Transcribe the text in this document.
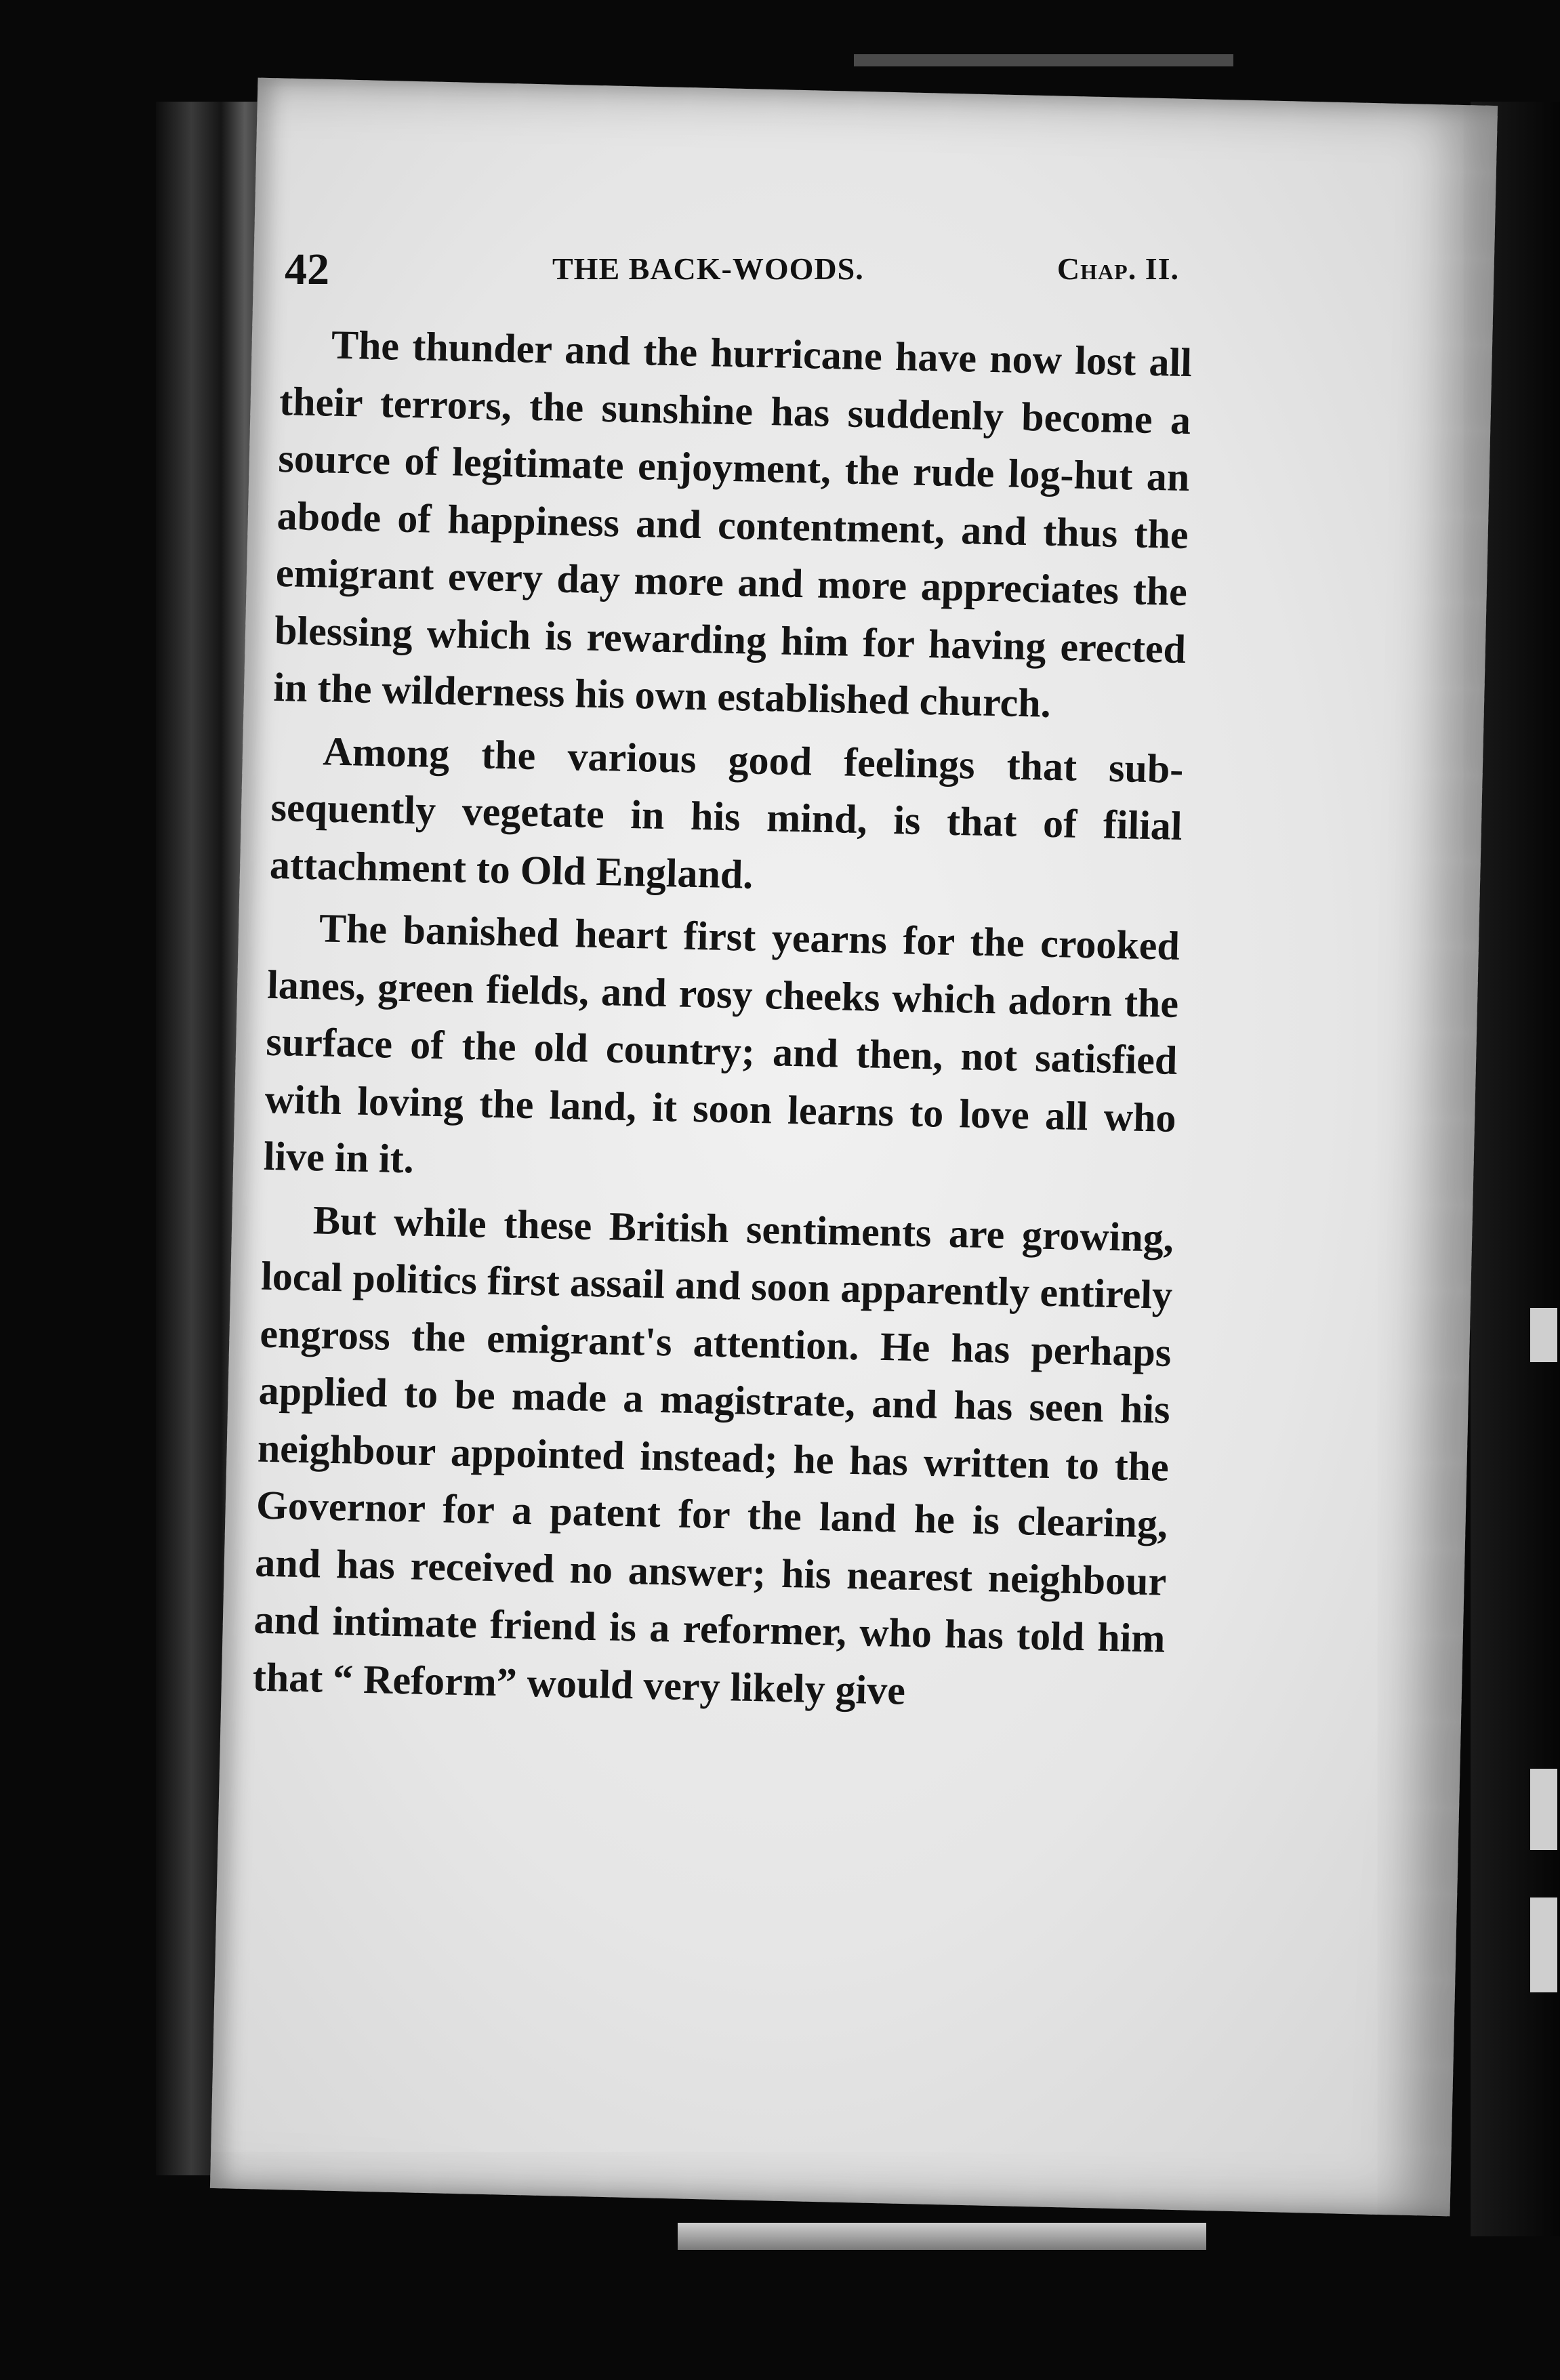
42	THE BACK-WOODS.	Chap. II.

The thunder and the hurricane have now lost all their terrors, the sunshine has suddenly become a source of legitimate enjoyment, the rude log-hut an abode of happiness and contentment, and thus the emigrant every day more and more appreciates the blessing which is rewarding him for having erected in the wilderness his own established church.

Among the various good feelings that subsequently vegetate in his mind, is that of filial attachment to Old England.

The banished heart first yearns for the crooked lanes, green fields, and rosy cheeks which adorn the surface of the old country; and then, not satisfied with loving the land, it soon learns to love all who live in it.

But while these British sentiments are growing, local politics first assail and soon apparently entirely engross the emigrant's attention. He has perhaps applied to be made a magistrate, and has seen his neighbour appointed instead; he has written to the Governor for a patent for the land he is clearing, and has received no answer; his nearest neighbour and intimate friend is a reformer, who has told him that “ Reform” would very likely give
